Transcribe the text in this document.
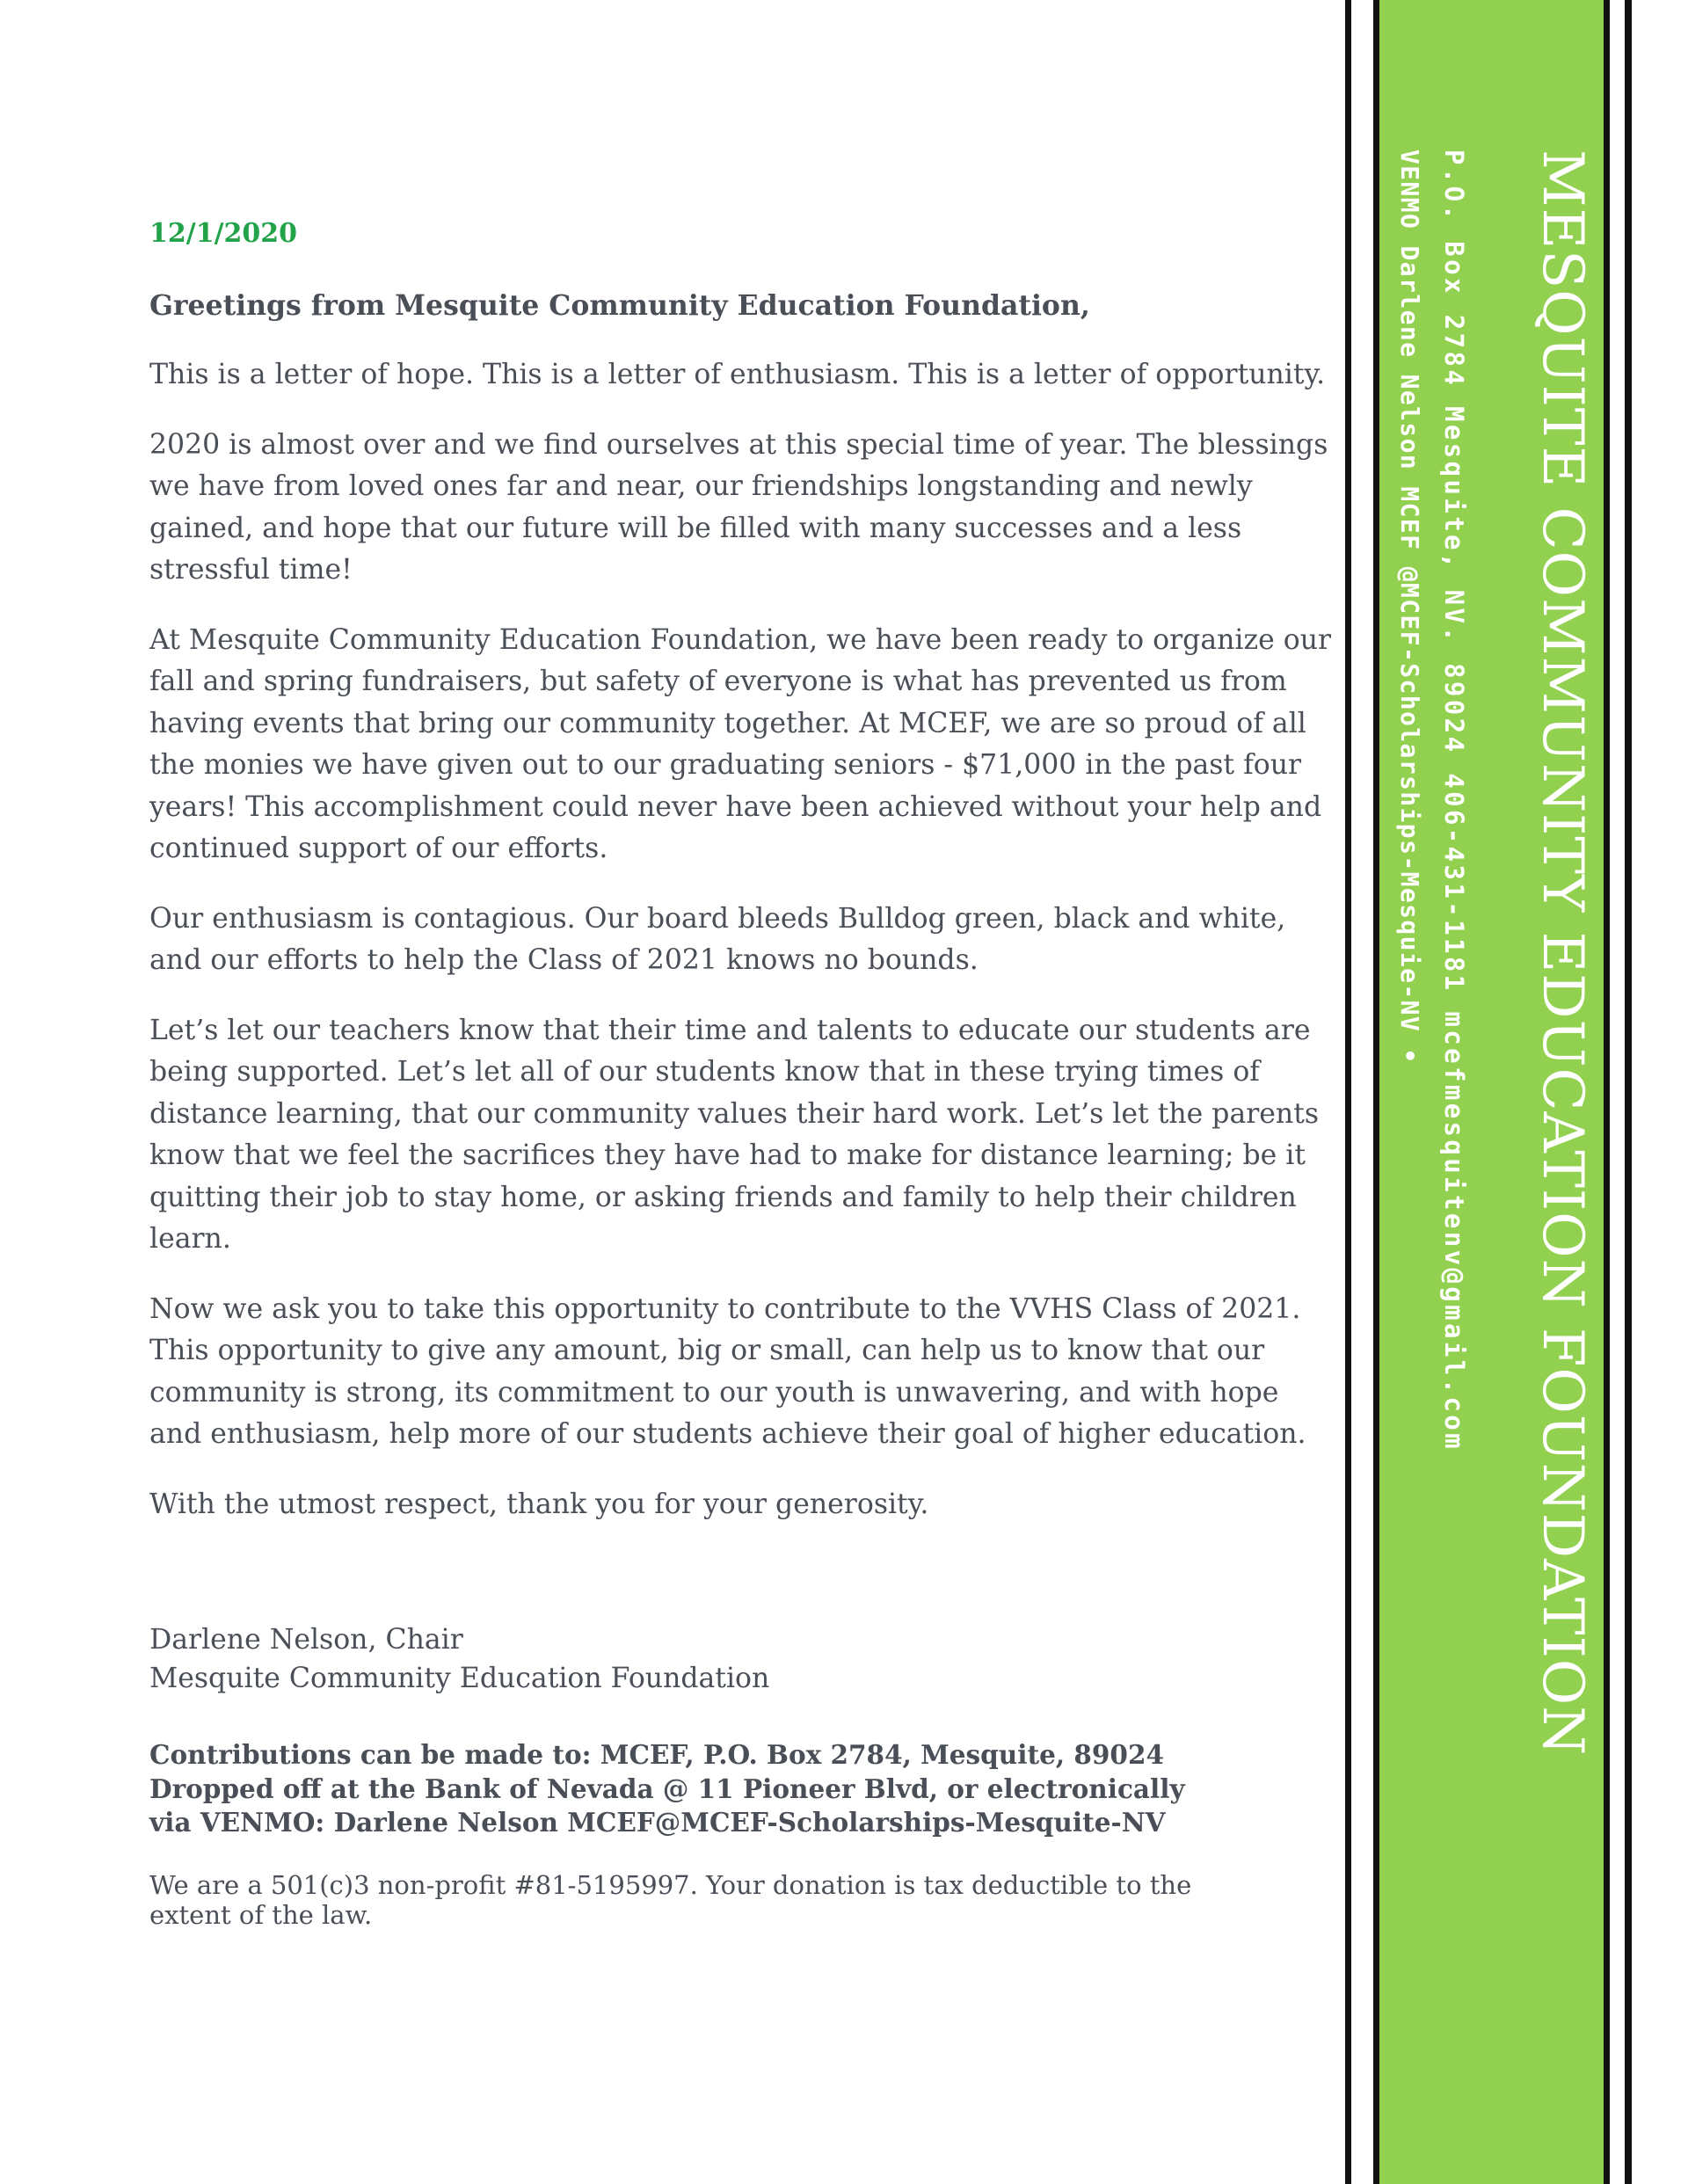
12/1/2020

Greetings from Mesquite Community Education Foundation,

This is a letter of hope. This is a letter of enthusiasm. This is a letter of opportunity.

2020 is almost over and we find ourselves at this special time of year. The blessings we have from loved ones far and near, our friendships longstanding and newly gained, and hope that our future will be filled with many successes and a less stressful time!

At Mesquite Community Education Foundation, we have been ready to organize our fall and spring fundraisers, but safety of everyone is what has prevented us from having events that bring our community together. At MCEF, we are so proud of all the monies we have given out to our graduating seniors - $71,000 in the past four years! This accomplishment could never have been achieved without your help and continued support of our efforts.

Our enthusiasm is contagious. Our board bleeds Bulldog green, black and white, and our efforts to help the Class of 2021 knows no bounds.

Let’s let our teachers know that their time and talents to educate our students are being supported. Let’s let all of our students know that in these trying times of distance learning, that our community values their hard work. Let’s let the parents know that we feel the sacrifices they have had to make for distance learning; be it quitting their job to stay home, or asking friends and family to help their children learn.

Now we ask you to take this opportunity to contribute to the VVHS Class of 2021. This opportunity to give any amount, big or small, can help us to know that our community is strong, its commitment to our youth is unwavering, and with hope and enthusiasm, help more of our students achieve their goal of higher education.

With the utmost respect, thank you for your generosity.

Darlene Nelson, Chair
Mesquite Community Education Foundation
Contributions can be made to: MCEF, P.O. Box 2784, Mesquite, 89024
Dropped off at the Bank of Nevada @ 11 Pioneer Blvd, or electronically
via VENMO: Darlene Nelson MCEF@MCEF-Scholarships-Mesquite-NV

We are a 501(c)3 non-profit #81-5195997. Your donation is tax deductible to the extent of the law.

MESQUITE COMMUNITY EDUCATION FOUNDATION
P.O. Box 2784 Mesquite, NV. 89024 406-431-1181 mcefmesquitenv@gmail.com
VENMO Darlene Nelson MCEF @MCEF-Scholarships-Mesquie-NV •
